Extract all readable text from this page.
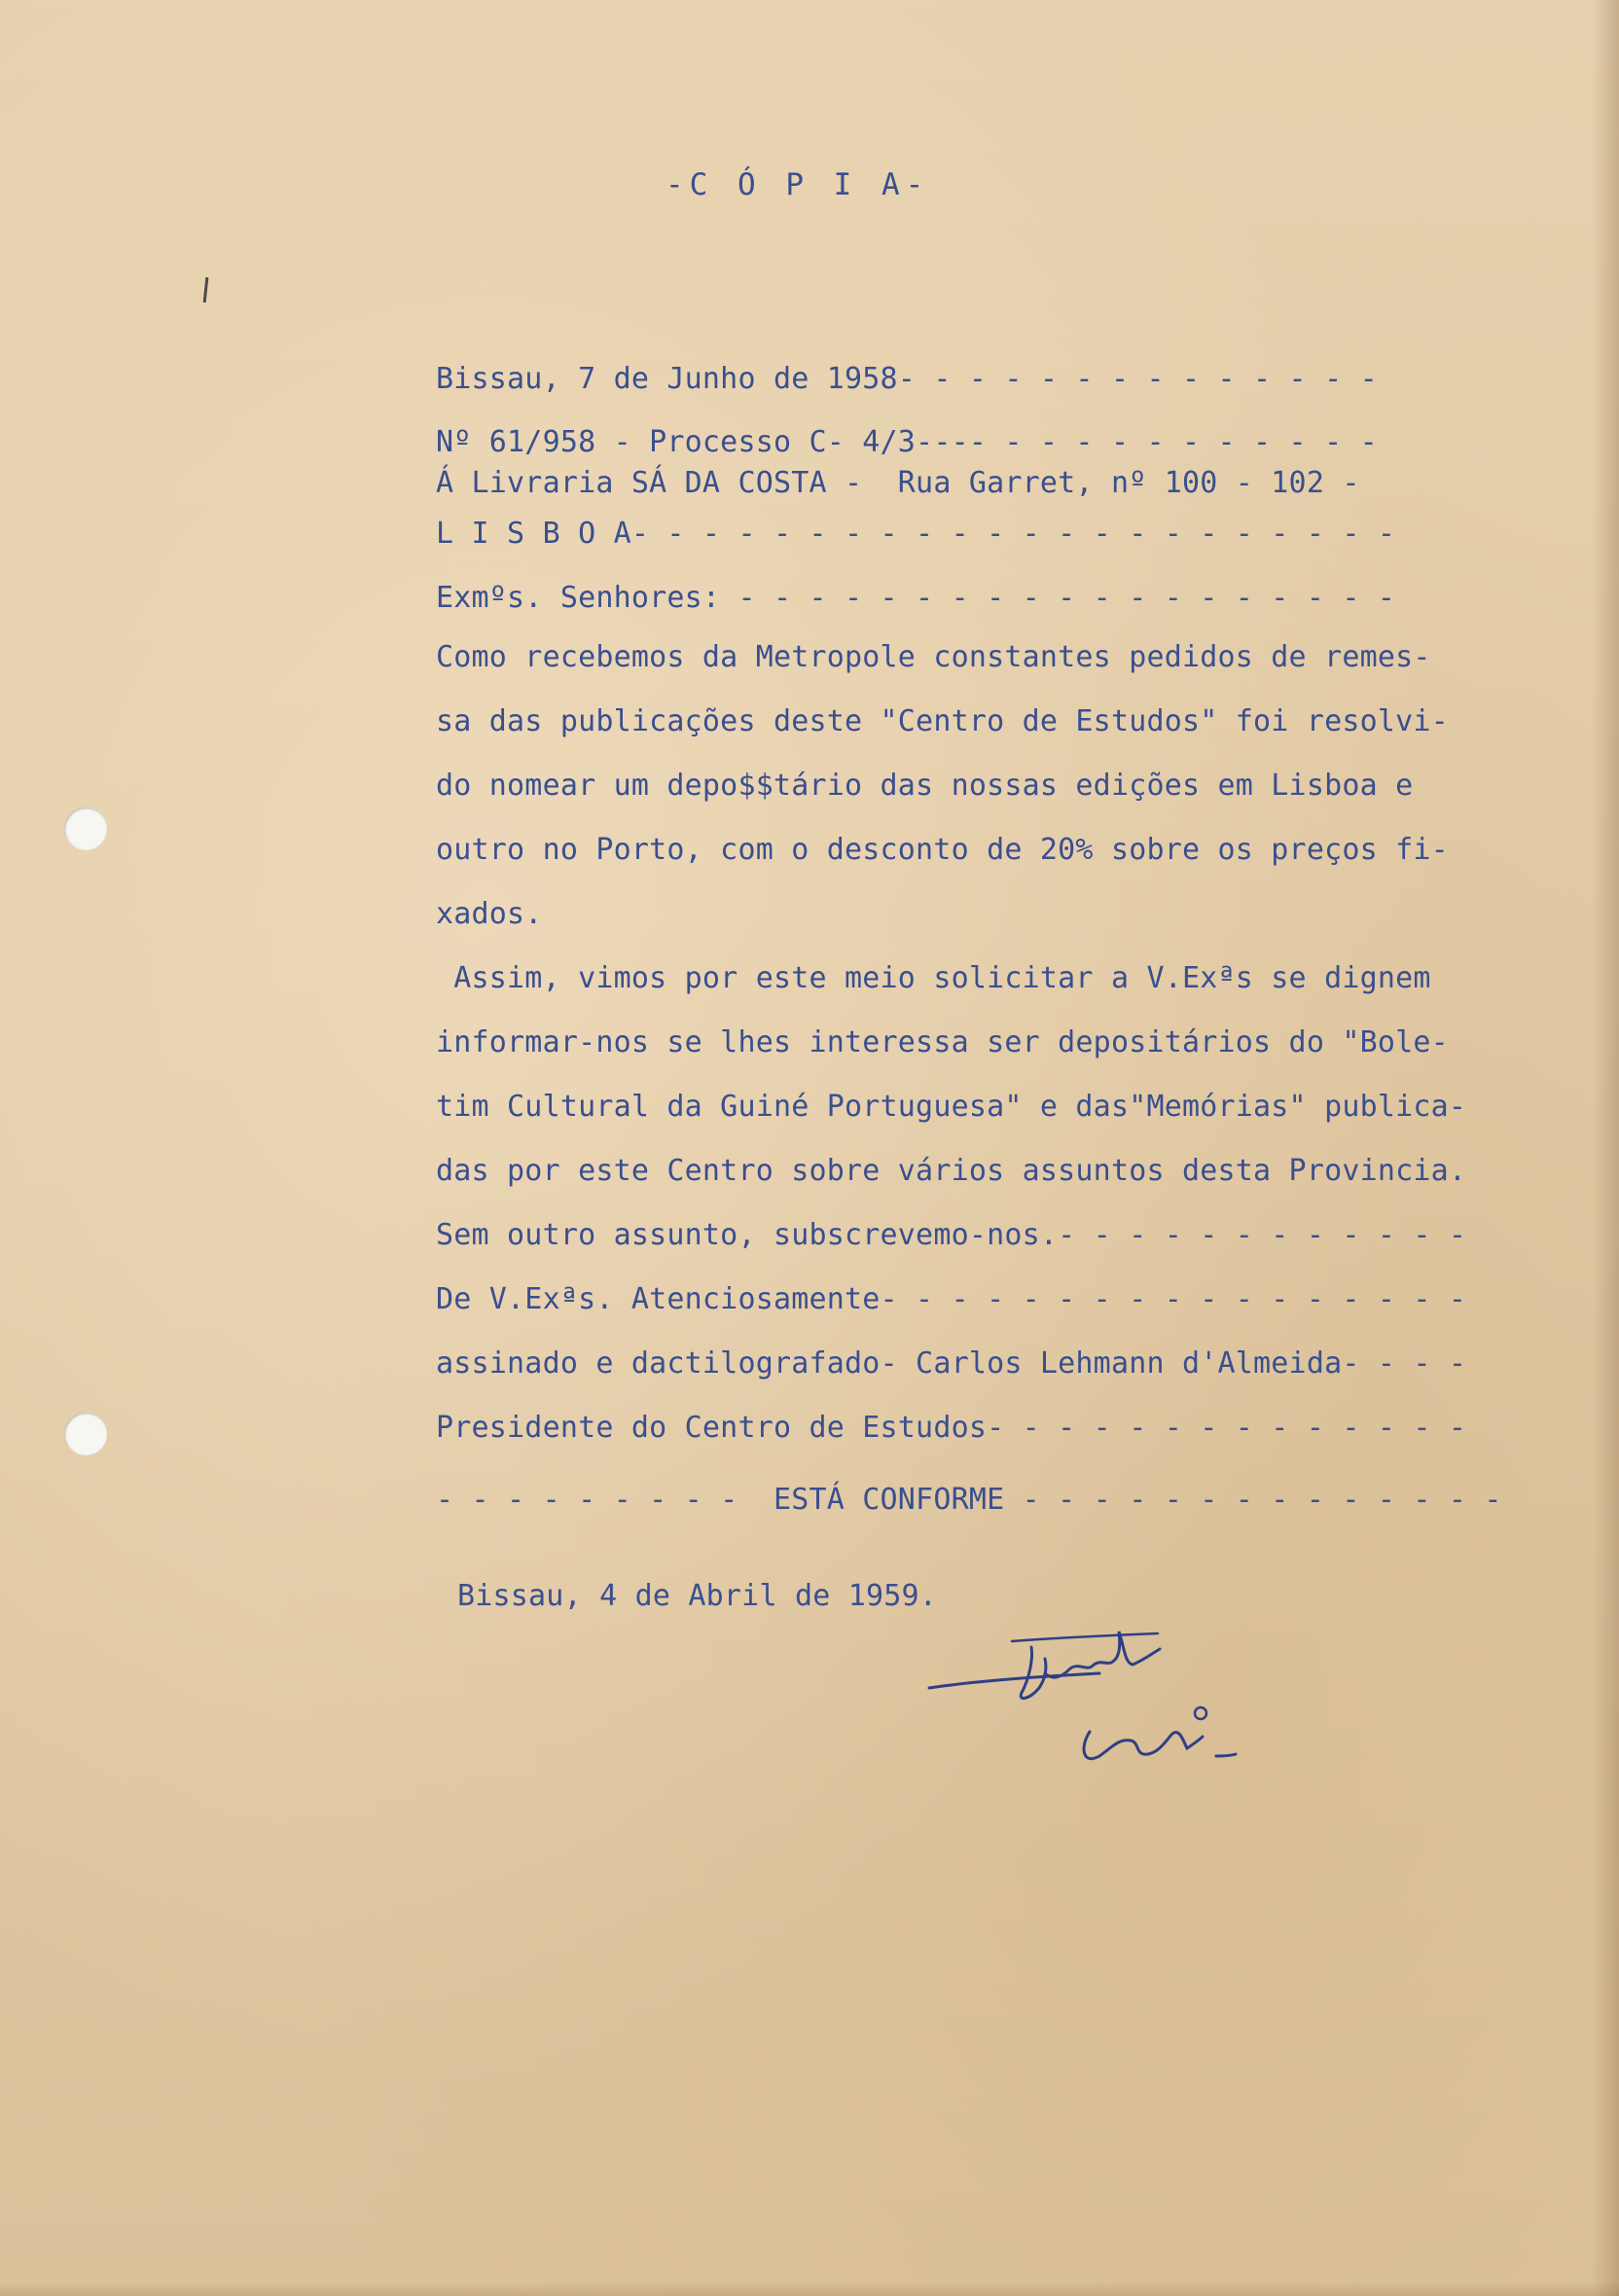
-C Ó P I A-
Bissau, 7 de Junho de 1958- - - - - - - - - - - - - -
Nº 61/958 - Processo C- 4/3---- - - - - - - - - - - -
Á Livraria SÁ DA COSTA -  Rua Garret, nº 100 - 102 -
L I S B O A- - - - - - - - - - - - - - - - - - - - - -
Exmºs. Senhores: - - - - - - - - - - - - - - - - - - -
Como recebemos da Metropole constantes pedidos de remes-
sa das publicações deste "Centro de Estudos" foi resolvi-
do nomear um depo$$tário das nossas edições em Lisboa e
outro no Porto, com o desconto de 20% sobre os preços fi-
xados.
Assim, vimos por este meio solicitar a V.Exªs se dignem
informar-nos se lhes interessa ser depositários do "Bole-
tim Cultural da Guiné Portuguesa" e das"Memórias" publica-
das por este Centro sobre vários assuntos desta Provincia.
Sem outro assunto, subscrevemo-nos.- - - - - - - - - - - -
De V.Exªs. Atenciosamente- - - - - - - - - - - - - - - - -
assinado e dactilografado- Carlos Lehmann d'Almeida- - - -
Presidente do Centro de Estudos- - - - - - - - - - - - - -
- - - - - - - - -  ESTÁ CONFORME - - - - - - - - - - - - - -
Bissau, 4 de Abril de 1959.
